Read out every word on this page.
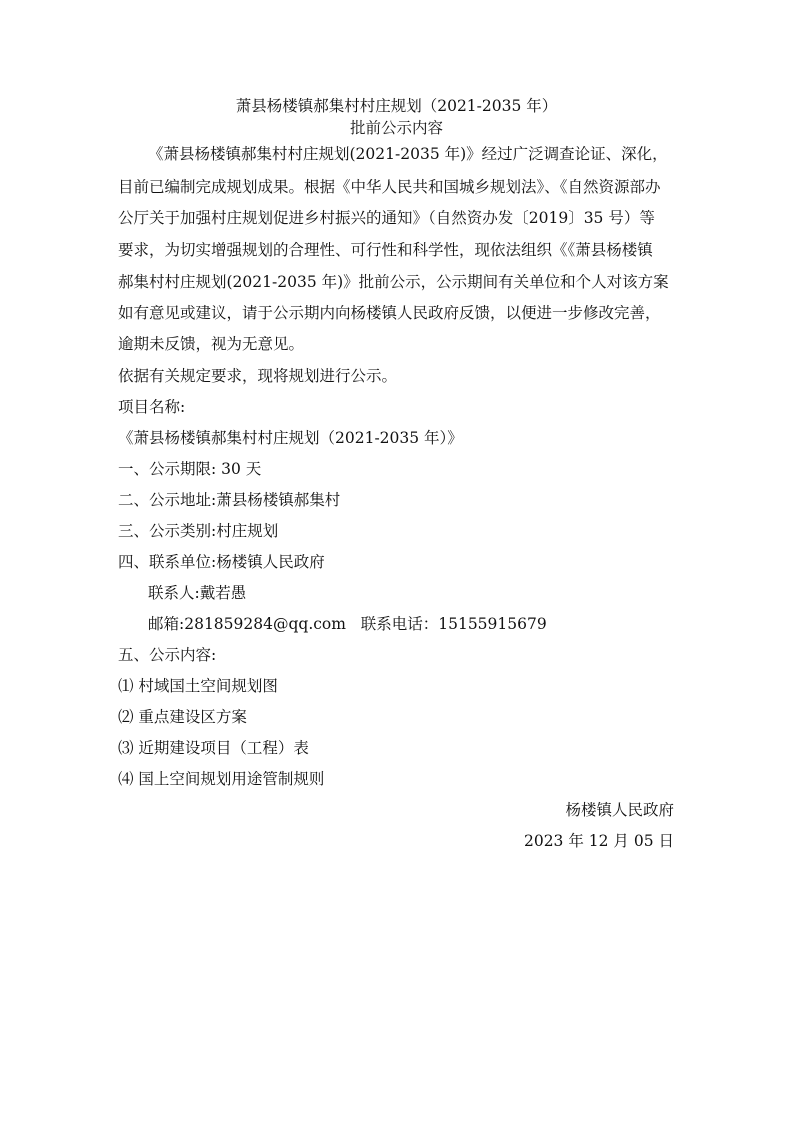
萧县杨楼镇郝集村村庄规划（2021-2035 年）
批前公示内容
《萧县杨楼镇郝集村村庄规划(2021-2035 年)》经过广泛调查论证、深化，
目前已编制完成规划成果。根据《中华人民共和国城乡规划法》、《自然资源部办
公厅关于加强村庄规划促进乡村振兴的通知》（自然资办发〔2019〕35 号）等
要求，为切实增强规划的合理性、可行性和科学性，现依法组织《《萧县杨楼镇
郝集村村庄规划(2021-2035 年)》批前公示，公示期间有关单位和个人对该方案
如有意见或建议，请于公示期内向杨楼镇人民政府反馈，以便进一步修改完善，
逾期未反馈，视为无意见。
依据有关规定要求，现将规划进行公示。
项目名称:
《萧县杨楼镇郝集村村庄规划（2021-2035 年）》
一、公示期限: 30 天
二、公示地址:萧县杨楼镇郝集村
三、公示类别:村庄规划
四、联系单位:杨楼镇人民政府
联系人:戴若愚
邮箱:281859284@qq.com   联系电话：15155915679
五、公示内容:
⑴ 村域国土空间规划图
⑵ 重点建设区方案
⑶ 近期建设项目（工程）表
⑷ 国上空间规划用途管制规则
杨楼镇人民政府
2023 年 12 月 05 日
